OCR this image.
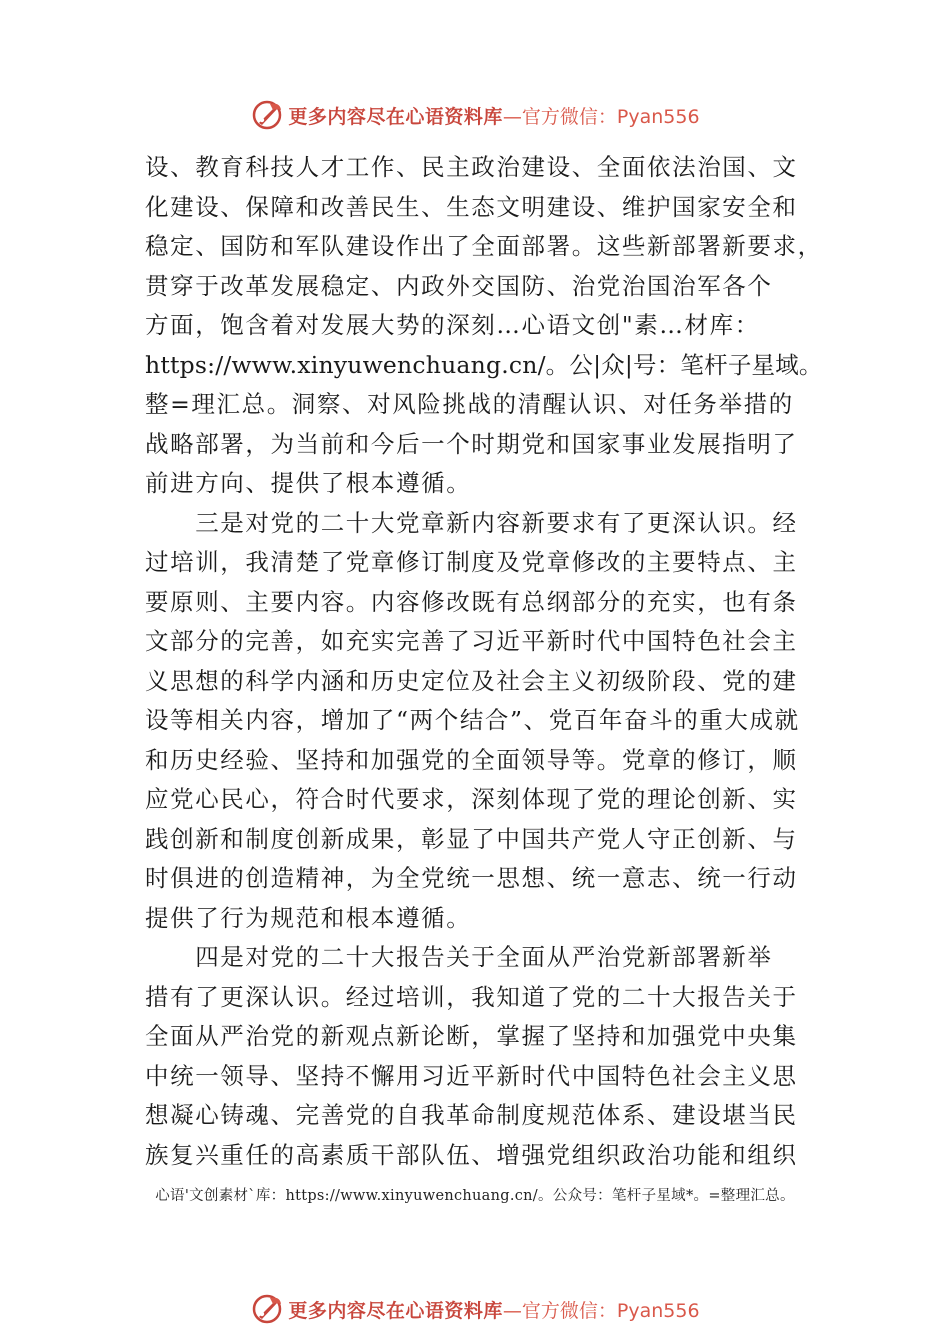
更多内容尽在心语资料库 —官方微信：Pyan556
设、教育科技人才工作、民主政治建设、全面依法治国、文
化建设、保障和改善民生、生态文明建设、维护国家安全和
稳定、国防和军队建设作出了全面部署。这些新部署新要求，
贯穿于改革发展稳定、内政外交国防、治党治国治军各个
方面，饱含着对发展大势的深刻…心语文创"素…材库：
https://www.xinyuwenchuang.cn/。公|众|号：笔杆子星域。
整=理汇总。洞察、对风险挑战的清醒认识、对任务举措的
战略部署，为当前和今后一个时期党和国家事业发展指明了
前进方向、提供了根本遵循。
　　三是对党的二十大党章新内容新要求有了更深认识。经
过培训，我清楚了党章修订制度及党章修改的主要特点、主
要原则、主要内容。内容修改既有总纲部分的充实，也有条
文部分的完善，如充实完善了习近平新时代中国特色社会主
义思想的科学内涵和历史定位及社会主义初级阶段、党的建
设等相关内容，增加了“两个结合”、党百年奋斗的重大成就
和历史经验、坚持和加强党的全面领导等。党章的修订，顺
应党心民心，符合时代要求，深刻体现了党的理论创新、实
践创新和制度创新成果，彰显了中国共产党人守正创新、与
时俱进的创造精神，为全党统一思想、统一意志、统一行动
提供了行为规范和根本遵循。
　　四是对党的二十大报告关于全面从严治党新部署新举
措有了更深认识。经过培训，我知道了党的二十大报告关于
全面从严治党的新观点新论断，掌握了坚持和加强党中央集
中统一领导、坚持不懈用习近平新时代中国特色社会主义思
想凝心铸魂、完善党的自我革命制度规范体系、建设堪当民
族复兴重任的高素质干部队伍、增强党组织政治功能和组织
心语'文创素材`库：https://www.xinyuwenchuang.cn/。公众号：笔杆子星域*。=整理汇总。
更多内容尽在心语资料库 —官方微信：Pyan556
